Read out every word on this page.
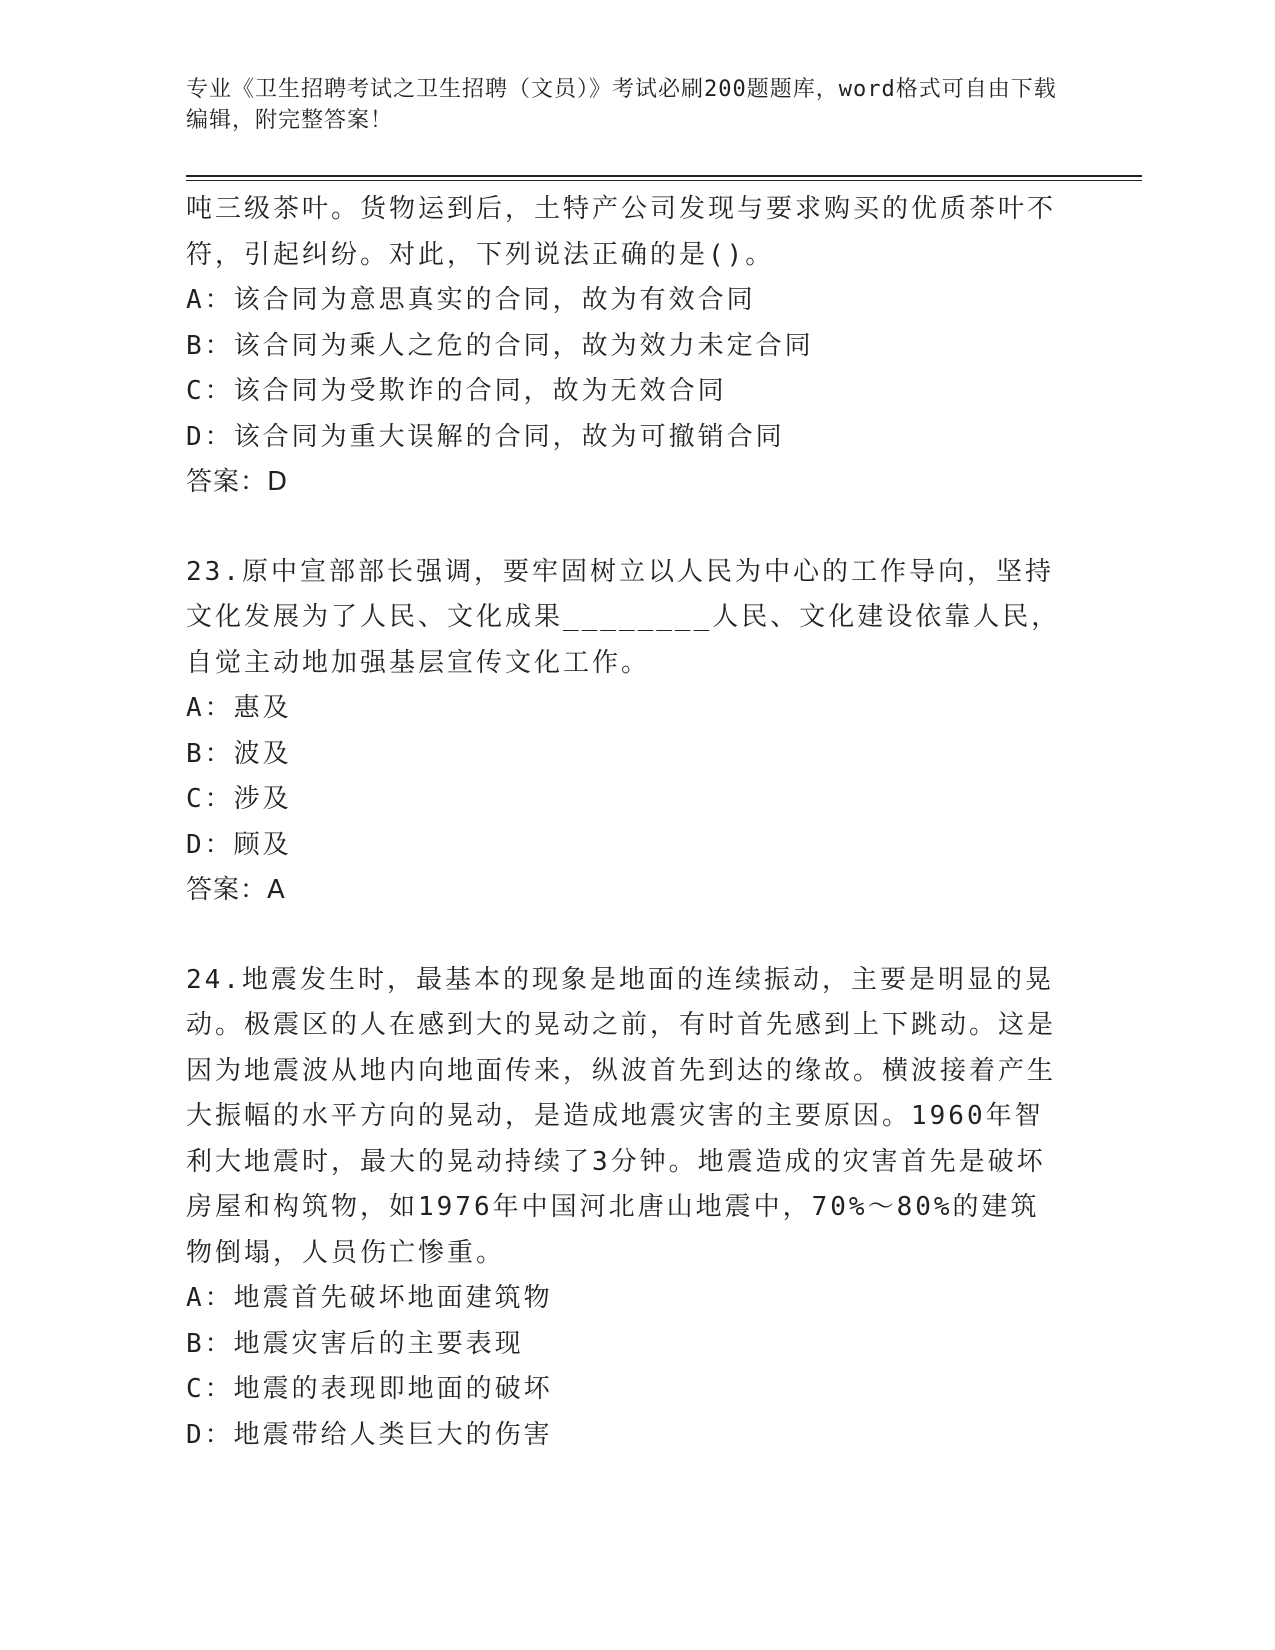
专业《卫生招聘考试之卫生招聘（文员）》考试必刷200题题库，word格式可自由下载编辑，附完整答案！

吨三级茶叶。货物运到后，土特产公司发现与要求购买的优质茶叶不符，引起纠纷。对此，下列说法正确的是()。

A：该合同为意思真实的合同，故为有效合同

B：该合同为乘人之危的合同，故为效力未定合同

C：该合同为受欺诈的合同，故为无效合同

D：该合同为重大误解的合同，故为可撤销合同

答案：D

23.原中宣部部长强调，要牢固树立以人民为中心的工作导向，坚持文化发展为了人民、文化成果________人民、文化建设依靠人民，自觉主动地加强基层宣传文化工作。

A：惠及

B：波及

C：涉及

D：顾及

答案：A

24.地震发生时，最基本的现象是地面的连续振动，主要是明显的晃动。极震区的人在感到大的晃动之前，有时首先感到上下跳动。这是因为地震波从地内向地面传来，纵波首先到达的缘故。横波接着产生大振幅的水平方向的晃动，是造成地震灾害的主要原因。1960年智利大地震时，最大的晃动持续了3分钟。地震造成的灾害首先是破坏房屋和构筑物，如1976年中国河北唐山地震中，70%～80%的建筑物倒塌，人员伤亡惨重。

A：地震首先破坏地面建筑物

B：地震灾害后的主要表现

C：地震的表现即地面的破坏

D：地震带给人类巨大的伤害
